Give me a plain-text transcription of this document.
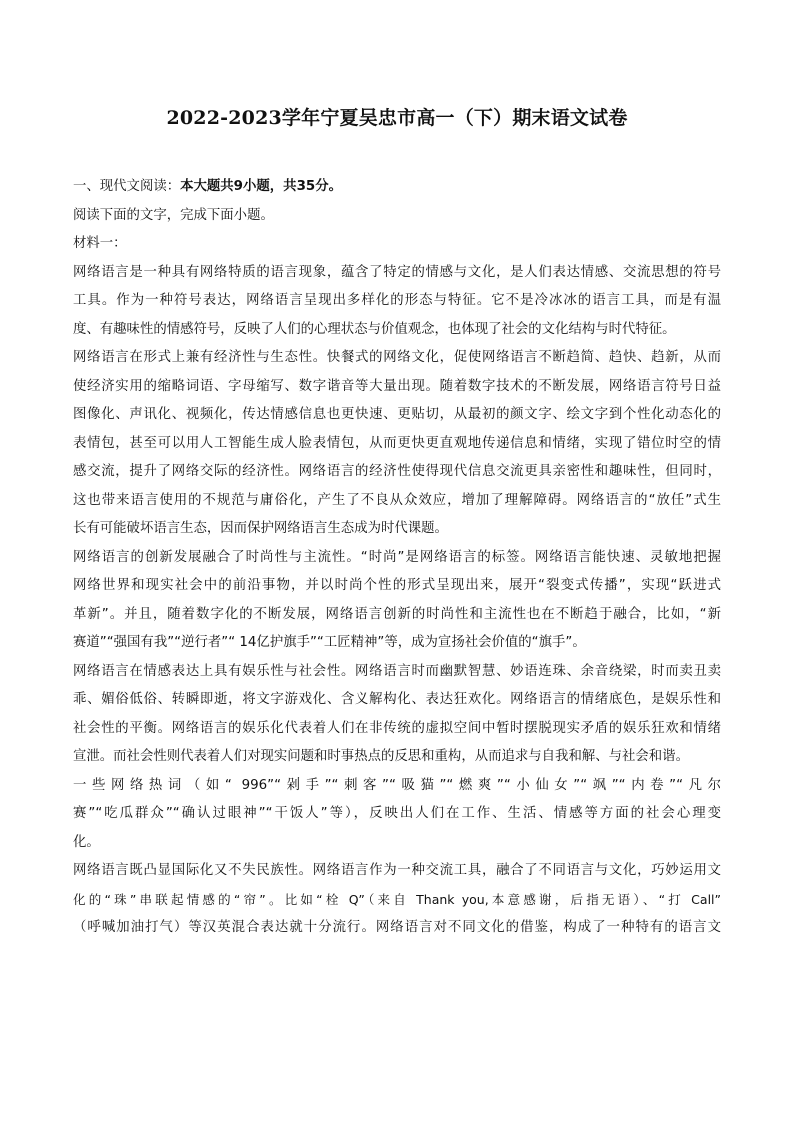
2022-2023学年宁夏吴忠市高一（下）期末语文试卷
一、现代文阅读：本大题共9小题，共35分。
阅读下面的文字，完成下面小题。
材料一：
网络语言是一种具有网络特质的语言现象，蕴含了特定的情感与文化，是人们表达情感、交流思想的符号
工具。作为一种符号表达，网络语言呈现出多样化的形态与特征。它不是冷冰冰的语言工具，而是有温
度、有趣味性的情感符号，反映了人们的心理状态与价值观念，也体现了社会的文化结构与时代特征。
网络语言在形式上兼有经济性与生态性。快餐式的网络文化，促使网络语言不断趋简、趋快、趋新，从而
使经济实用的缩略词语、字母缩写、数字谐音等大量出现。随着数字技术的不断发展，网络语言符号日益
图像化、声讯化、视频化，传达情感信息也更快速、更贴切，从最初的颜文字、绘文字到个性化动态化的
表情包，甚至可以用人工智能生成人脸表情包，从而更快更直观地传递信息和情绪，实现了错位时空的情
感交流，提升了网络交际的经济性。网络语言的经济性使得现代信息交流更具亲密性和趣味性，但同时，
这也带来语言使用的不规范与庸俗化，产生了不良从众效应，增加了理解障碍。网络语言的“放任”式生
长有可能破坏语言生态，因而保护网络语言生态成为时代课题。
网络语言的创新发展融合了时尚性与主流性。“时尚”是网络语言的标签。网络语言能快速、灵敏地把握
网络世界和现实社会中的前沿事物，并以时尚个性的形式呈现出来，展开“裂变式传播”，实现“跃进式
革新”。并且，随着数字化的不断发展，网络语言创新的时尚性和主流性也在不断趋于融合，比如，“新
赛道”“强国有我”“逆行者”“ 14亿护旗手”“工匠精神”等，成为宣扬社会价值的“旗手”。
网络语言在情感表达上具有娱乐性与社会性。网络语言时而幽默智慧、妙语连珠、余音绕梁，时而卖丑卖
乖、媚俗低俗、转瞬即逝，将文字游戏化、含义解构化、表达狂欢化。网络语言的情绪底色，是娱乐性和
社会性的平衡。网络语言的娱乐化代表着人们在非传统的虚拟空间中暂时摆脱现实矛盾的娱乐狂欢和情绪
宣泄。而社会性则代表着人们对现实问题和时事热点的反思和重构，从而追求与自我和解、与社会和谐。
一些网络热词（如“ 996”“剁手”“刺客”“吸猫”“燃爽”“小仙女”“飒”“内卷”“凡尔
赛”“吃瓜群众”“确认过眼神”“干饭人”等），反映出人们在工作、生活、情感等方面的社会心理变
化。
网络语言既凸显国际化又不失民族性。网络语言作为一种交流工具，融合了不同语言与文化，巧妙运用文
化的“珠”串联起情感的“帘”。比如“栓 Q”（来自 Thank you,本意感谢，后指无语）、“打 Call”
（呼喊加油打气）等汉英混合表达就十分流行。网络语言对不同文化的借鉴，构成了一种特有的语言文
